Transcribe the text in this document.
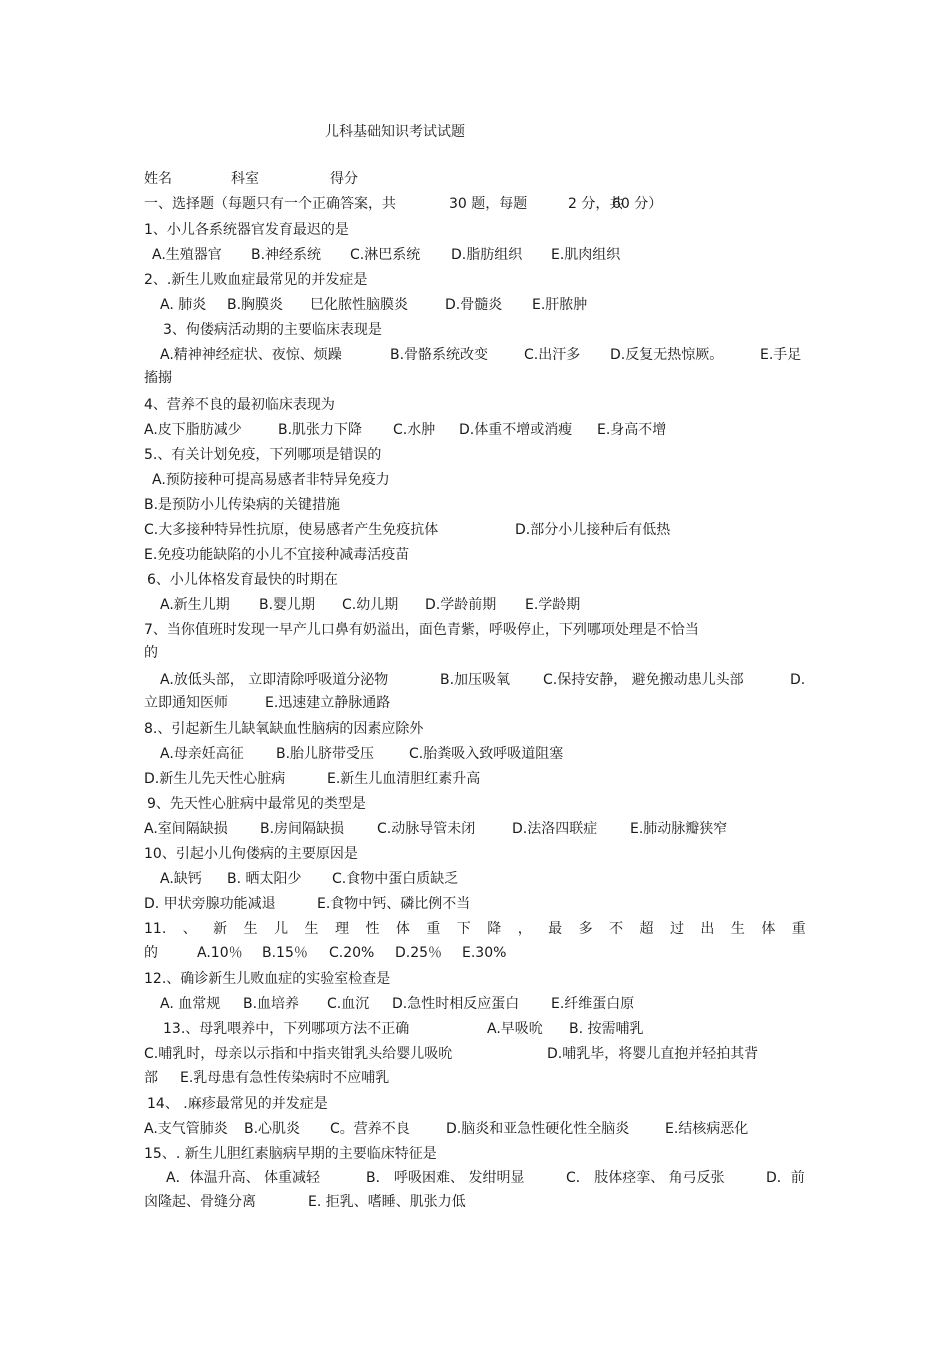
儿科基础知识考试试题
姓名	科室	得分
一、选择题（每题只有一个正确答案，共	30 题，每题	2 分，共
60 分）
1、小儿各系统器官发育最迟的是
A.生殖器官 B.神经系统 C.淋巴系统 D.脂肪组织 E.肌肉组织
2、.新生儿败血症最常见的并发症是
A. 肺炎 B.胸膜炎 巳化脓性脑膜炎	D.骨髓炎 E.肝脓肿
3、佝偻病活动期的主要临床表现是
A.精神神经症状、夜惊、烦躁	B.骨骼系统改变	C.出汗多 D.反复无热惊厥。	E.手足
搐搦
4、营养不良的最初临床表现为
A.皮下脂肪减少	B.肌张力下降 C.水肿 D.体重不增或消瘦 E.身高不增
5.、有关计划免疫，下列哪项是错误的
A.预防接种可提高易感者非特异免疫力
B.是预防小儿传染病的关键措施
C.大多接种特异性抗原，使易感者产生免疫抗体	D.部分小儿接种后有低热
E.免疫功能缺陷的小儿不宜接种减毒活疫苗
6、小儿体格发育最快的时期在
A.新生儿期 B.婴儿期 C.幼儿期 D.学龄前期 E.学龄期
7、当你值班时发现一早产儿口鼻有奶溢出，面色青紫，呼吸停止，下列哪项处理是不恰当
的
A.放低头部， 立即清除呼吸道分泌物	B.加压吸氧 C.保持安静， 避免搬动患儿头部	D.
立即通知医师	E.迅速建立静脉通路
8.、引起新生儿缺氧缺血性脑病的因素应除外
A.母亲妊高征 B.胎儿脐带受压 C.胎粪吸入致呼吸道阻塞
D.新生儿先天性心脏病	E.新生儿血清胆红素升高
9、先天性心脏病中最常见的类型是
A.室间隔缺损 B.房间隔缺损 C.动脉导管未闭	D.法洛四联症 E.肺动脉瓣狭窄
10、引起小儿佝偻病的主要原因是
A.缺钙 B. 晒太阳少 C.食物中蛋白质缺乏
D. 甲状旁腺功能减退	E.食物中钙、磷比例不当
11. 、 新 生 儿 生 理 性 体 重 下 降 ， 最 多 不 超 过 出 生 体 重
的	A.10％ B.15％ C.20% D.25％ E.30%
12.、确诊新生儿败血症的实验室检查是
A. 血常规 B.血培养 C.血沉 D.急性时相反应蛋白 E.纤维蛋白原
13.、母乳喂养中，下列哪项方法不正确	A.早吸吮 B. 按需哺乳
C.哺乳时，母亲以示指和中指夹钳乳头给婴儿吸吮	D.哺乳毕，将婴儿直抱并轻拍其背
部 E.乳母患有急性传染病时不应哺乳
14、 .麻疹最常见的并发症是
A.支气管肺炎 B.心肌炎 C。营养不良	D.脑炎和亚急性硬化性全脑炎	E.结核病恶化
15、. 新生儿胆红素脑病早期的主要临床特征是
A．体温升高、 体重减轻	B． 呼吸困难、 发绀明显	C． 肢体痉挛、 角弓反张	D．前
囟隆起、骨缝分离	E. 拒乳、嗜睡、肌张力低
